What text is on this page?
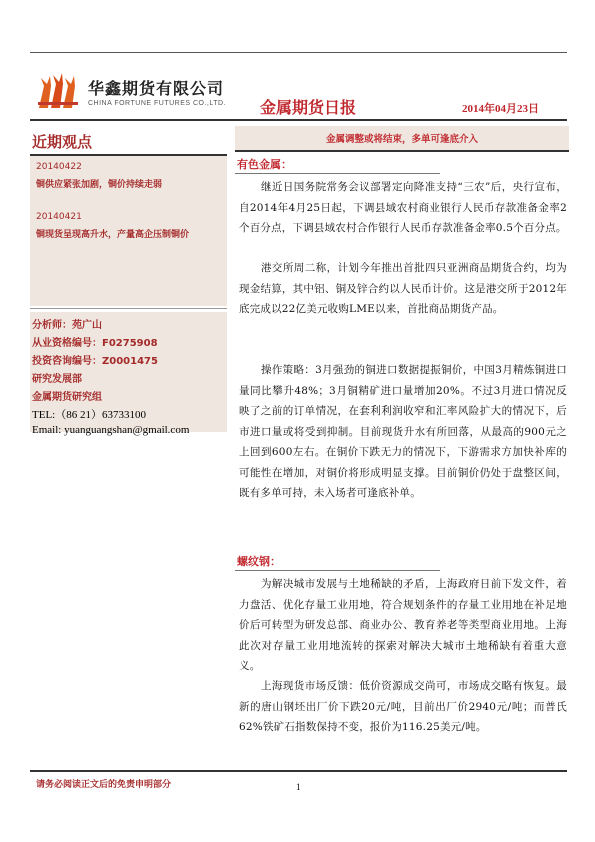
华鑫期货有限公司
CHINA FORTUNE FUTURES CO.,LTD. 金属期货日报	2014年04月23日
近期观点
20140422
铜供应紧张加剧，铜价持续走弱
20140421
铜现货呈现高升水，产量高企压制铜价
分析师：苑广山
从业资格编号：F0275908
投资咨询编号：Z0001475
研究发展部
金属期货研究组
TEL:（86 21）63733100
Email: yuanguangshan@gmail.com
金属调整或将结束，多单可逢底介入
有色金属：
继近日国务院常务会议部署定向降准支持“三农”后，央行宣布，自2014年4月25日起，下调县域农村商业银行人民币存款准备金率2个百分点，下调县域农村合作银行人民币存款准备金率0.5个百分点。
港交所周二称，计划今年推出首批四只亚洲商品期货合约，均为现金结算，其中铝、铜及锌合约以人民币计价。这是港交所于2012年底完成以22亿美元收购LME以来，首批商品期货产品。
操作策略：3月强劲的铜进口数据提振铜价，中国3月精炼铜进口量同比攀升48%；3月铜精矿进口量增加20%。不过3月进口情况反映了之前的订单情况，在套利利润收窄和汇率风险扩大的情况下，后市进口量或将受到抑制。目前现货升水有所回落，从最高的900元之上回到600左右。在铜价下跌无力的情况下，下游需求方加快补库的可能性在增加，对铜价将形成明显支撑。目前铜价仍处于盘整区间，既有多单可持，未入场者可逢底补单。
螺纹钢：
为解决城市发展与土地稀缺的矛盾，上海政府日前下发文件，着力盘活、优化存量工业用地，符合规划条件的存量工业用地在补足地价后可转型为研发总部、商业办公、教育养老等类型商业用地。上海此次对存量工业用地流转的探索对解决大城市土地稀缺有着重大意义。
上海现货市场反馈：低价资源成交尚可，市场成交略有恢复。最新的唐山钢坯出厂价下跌20元/吨，目前出厂价2940元/吨；而普氏62%铁矿石指数保持不变，报价为116.25美元/吨。
请务必阅读正文后的免责申明部分	1
